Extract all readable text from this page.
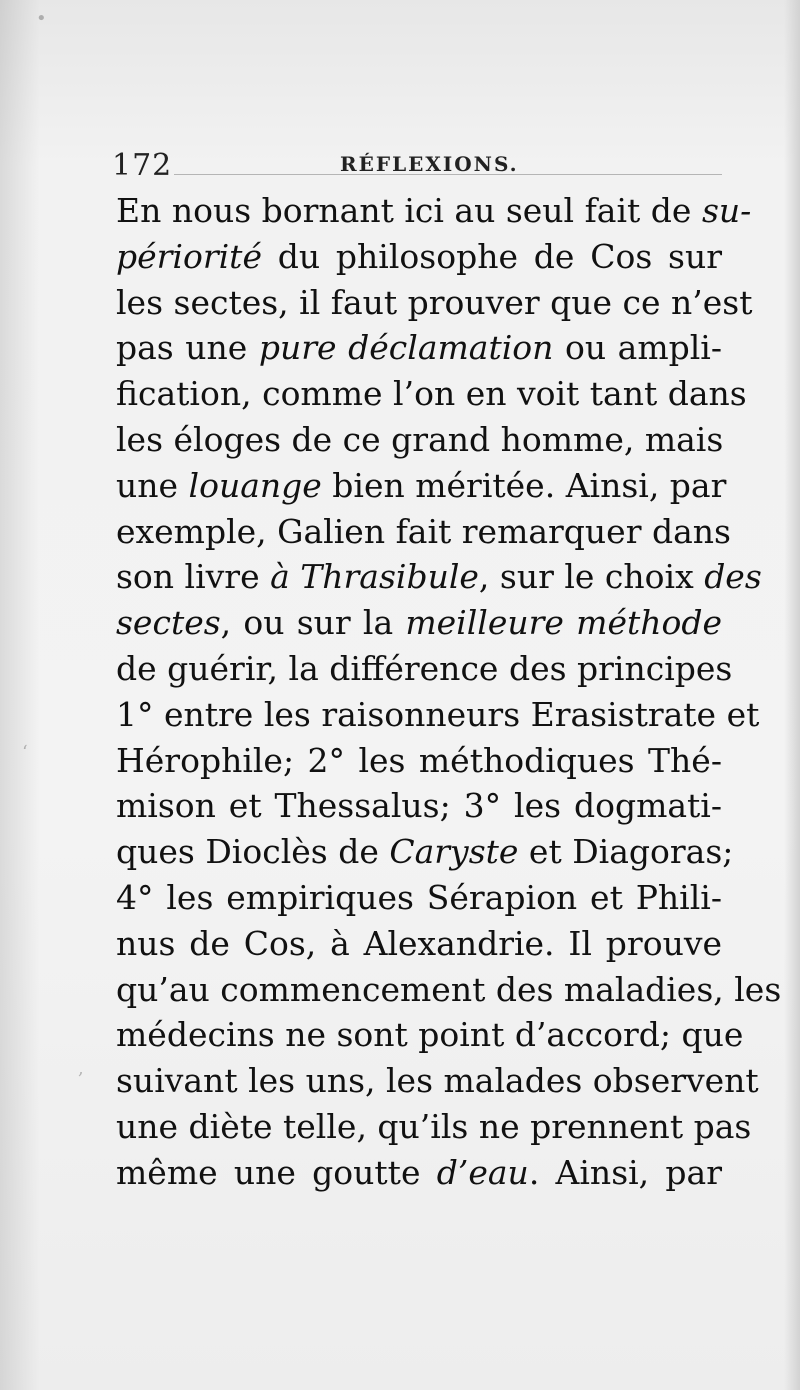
172	RÉFLEXIONS.
En nous bornant ici au seul fait de su-
périorité du philosophe de Cos sur
les sectes, il faut prouver que ce n’est
pas une pure déclamation ou ampli-
fication, comme l’on en voit tant dans
les éloges de ce grand homme, mais
une louange bien méritée. Ainsi, par
exemple, Galien fait remarquer dans
son livre à Thrasibule, sur le choix des
sectes, ou sur la meilleure méthode
de guérir, la différence des principes
1° entre les raisonneurs Erasistrate et
Hérophile; 2° les méthodiques Thé-
mison et Thessalus; 3° les dogmati-
ques Dioclès de Caryste et Diagoras;
4° les empiriques Sérapion et Phili-
nus de Cos, à Alexandrie. Il prouve
qu’au commencement des maladies, les
médecins ne sont point d’accord; que
suivant les uns, les malades observent
une diète telle, qu’ils ne prennent pas
même une goutte d’eau. Ainsi, par
•
‘
,
